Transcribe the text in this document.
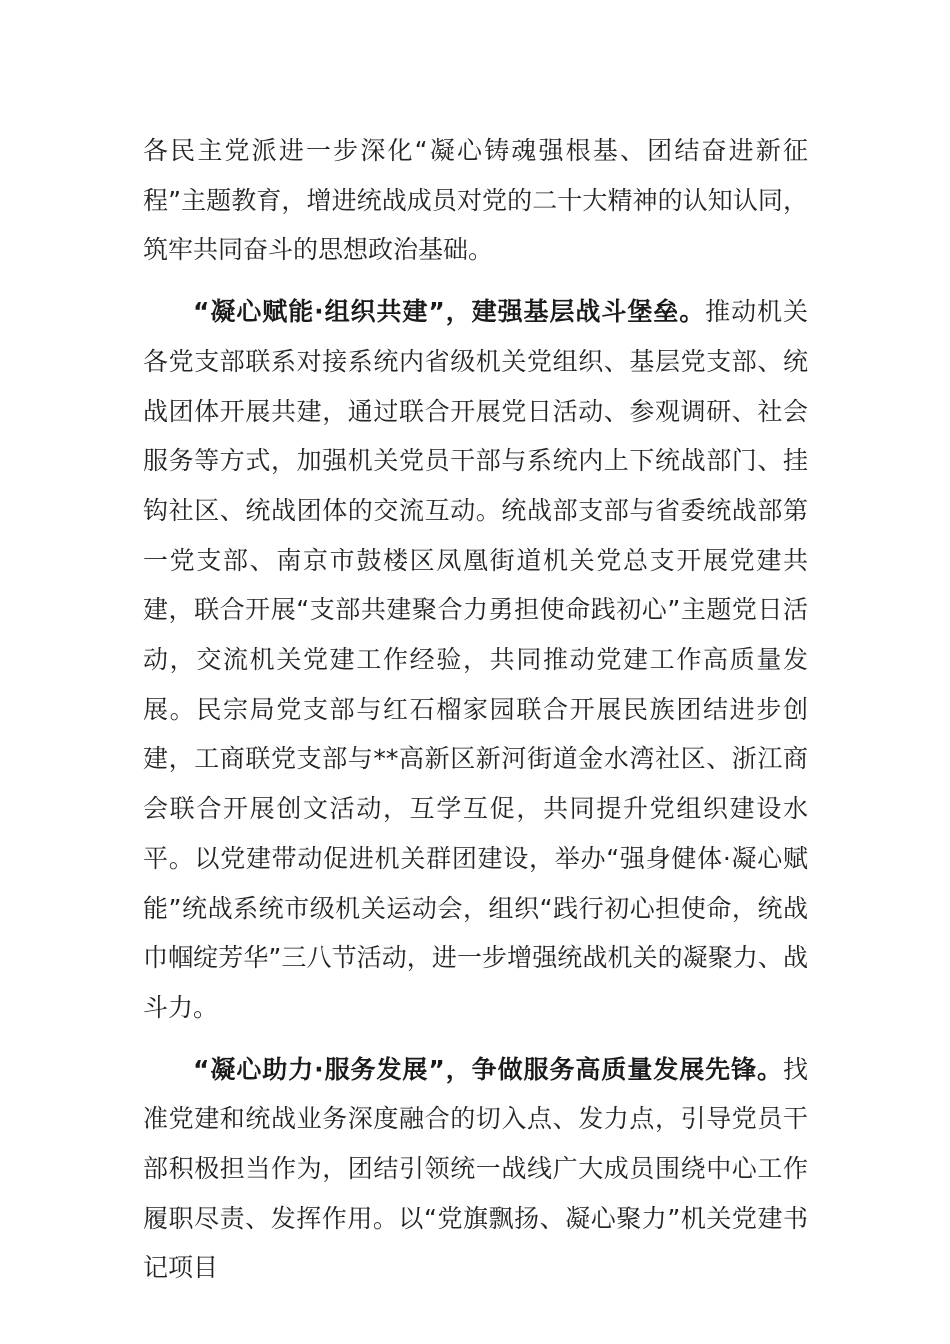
各民主党派进一步深化“凝心铸魂强根基、团结奋进新征程”主题教育，增进统战成员对党的二十大精神的认知认同，筑牢共同奋斗的思想政治基础。

“凝心赋能·组织共建”，建强基层战斗堡垒。推动机关各党支部联系对接系统内省级机关党组织、基层党支部、统战团体开展共建，通过联合开展党日活动、参观调研、社会服务等方式，加强机关党员干部与系统内上下统战部门、挂钩社区、统战团体的交流互动。统战部支部与省委统战部第一党支部、南京市鼓楼区凤凰街道机关党总支开展党建共建，联合开展“支部共建聚合力勇担使命践初心”主题党日活动，交流机关党建工作经验，共同推动党建工作高质量发展。民宗局党支部与红石榴家园联合开展民族团结进步创建，工商联党支部与**高新区新河街道金水湾社区、浙江商会联合开展创文活动，互学互促，共同提升党组织建设水平。以党建带动促进机关群团建设，举办“强身健体·凝心赋能”统战系统市级机关运动会，组织“践行初心担使命，统战巾帼绽芳华”三八节活动，进一步增强统战机关的凝聚力、战斗力。

“凝心助力·服务发展”，争做服务高质量发展先锋。找准党建和统战业务深度融合的切入点、发力点，引导党员干部积极担当作为，团结引领统一战线广大成员围绕中心工作履职尽责、发挥作用。以“党旗飘扬、凝心聚力”机关党建书记项目
